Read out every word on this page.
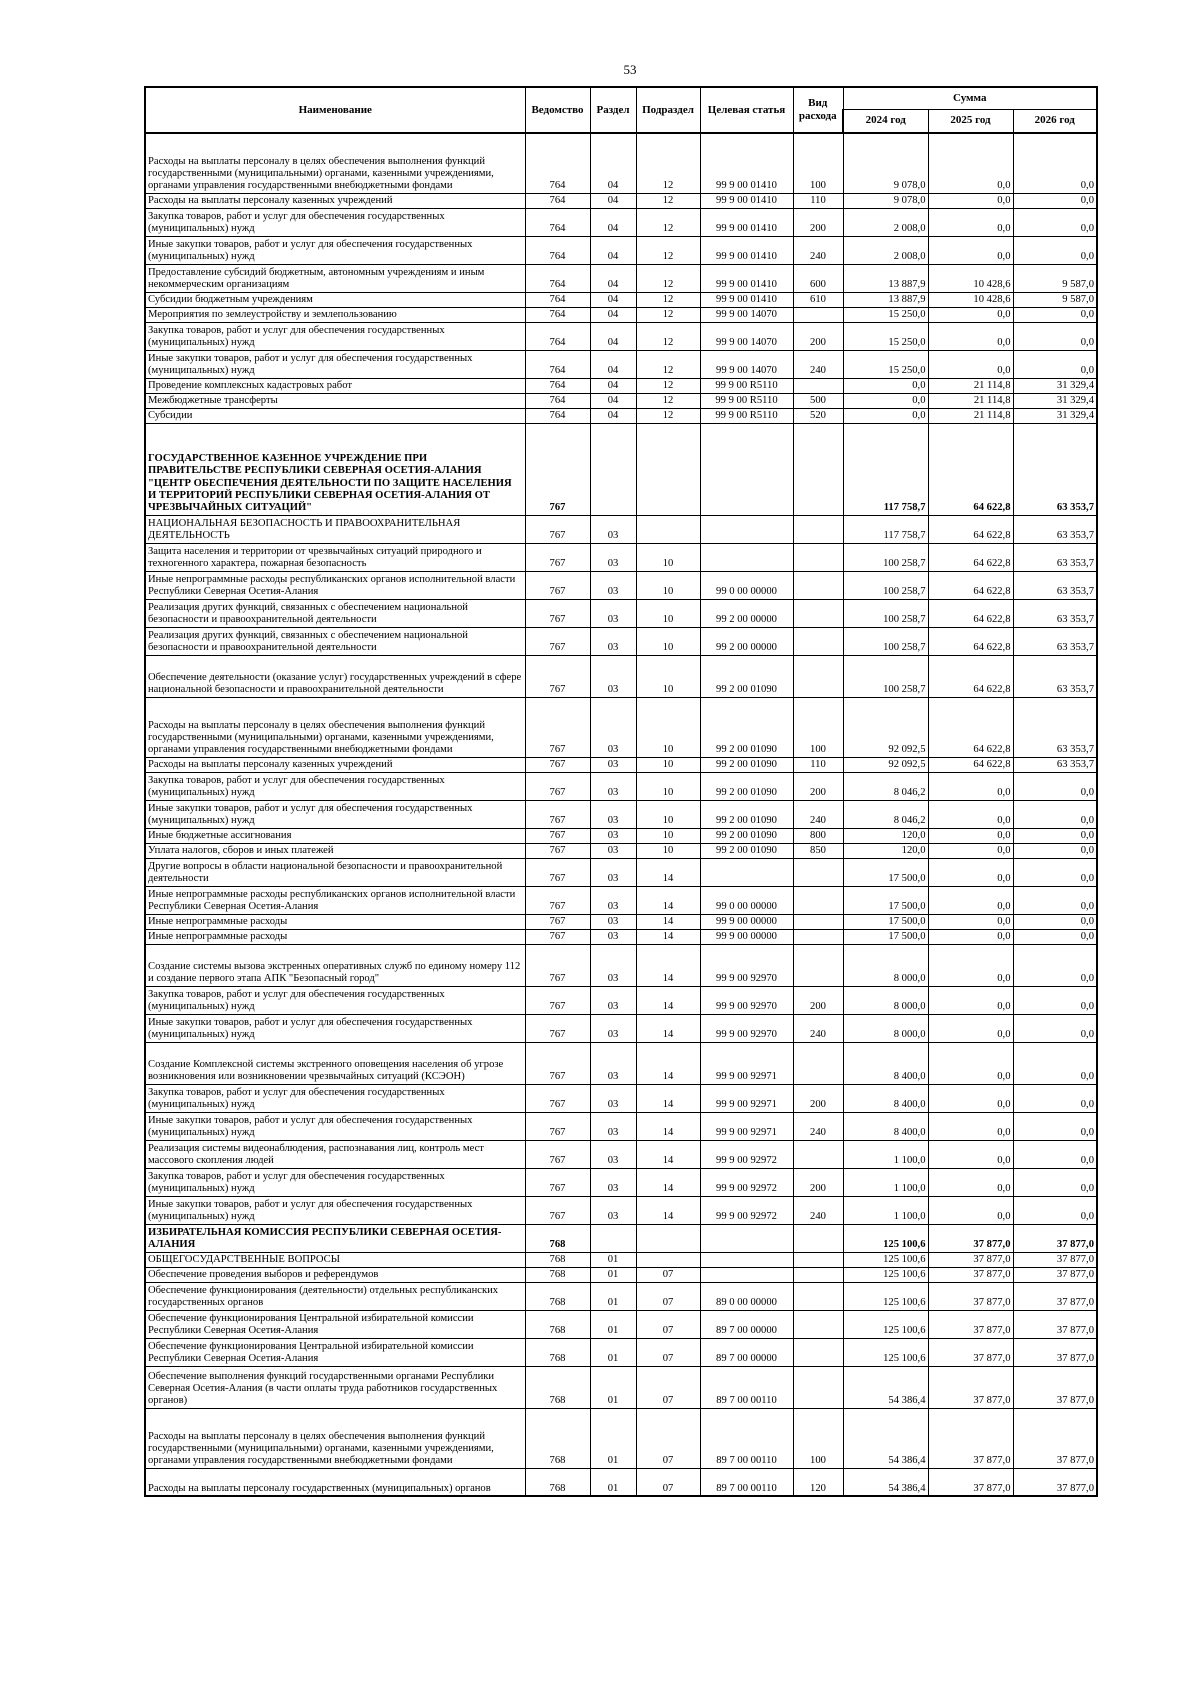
53
Наименование	Ведомство	Раздел	Подраздел	Целевая статья	Вид расхода	Сумма		
						2024 год	2025 год	2026 год
Расходы на выплаты персоналу в целях обеспечения выполнения функций государственными (муниципальными) органами, казенными учреждениями, органами управления государственными внебюджетными фондами	764	04	12	99 9 00 01410	100	9 078,0	0,0	0,0
Расходы на выплаты персоналу казенных учреждений	764	04	12	99 9 00 01410	110	9 078,0	0,0	0,0
Закупка товаров, работ и услуг для обеспечения государственных (муниципальных) нужд	764	04	12	99 9 00 01410	200	2 008,0	0,0	0,0
Иные закупки товаров, работ и услуг для обеспечения государственных (муниципальных) нужд	764	04	12	99 9 00 01410	240	2 008,0	0,0	0,0
Предоставление субсидий бюджетным, автономным учреждениям и иным некоммерческим организациям	764	04	12	99 9 00 01410	600	13 887,9	10 428,6	9 587,0
Субсидии бюджетным учреждениям	764	04	12	99 9 00 01410	610	13 887,9	10 428,6	9 587,0
Мероприятия по землеустройству и землепользованию	764	04	12	99 9 00 14070		15 250,0	0,0	0,0
Закупка товаров, работ и услуг для обеспечения государственных (муниципальных) нужд	764	04	12	99 9 00 14070	200	15 250,0	0,0	0,0
Иные закупки товаров, работ и услуг для обеспечения государственных (муниципальных) нужд	764	04	12	99 9 00 14070	240	15 250,0	0,0	0,0
Проведение комплексных кадастровых работ	764	04	12	99 9 00 R5110		0,0	21 114,8	31 329,4
Межбюджетные трансферты	764	04	12	99 9 00 R5110	500	0,0	21 114,8	31 329,4
Субсидии	764	04	12	99 9 00 R5110	520	0,0	21 114,8	31 329,4
ГОСУДАРСТВЕННОЕ КАЗЕННОЕ УЧРЕЖДЕНИЕ ПРИ ПРАВИТЕЛЬСТВЕ РЕСПУБЛИКИ СЕВЕРНАЯ ОСЕТИЯ-АЛАНИЯ "ЦЕНТР ОБЕСПЕЧЕНИЯ ДЕЯТЕЛЬНОСТИ ПО ЗАЩИТЕ НАСЕЛЕНИЯ И ТЕРРИТОРИЙ РЕСПУБЛИКИ СЕВЕРНАЯ ОСЕТИЯ-АЛАНИЯ ОТ ЧРЕЗВЫЧАЙНЫХ СИТУАЦИЙ"	767					117 758,7	64 622,8	63 353,7
НАЦИОНАЛЬНАЯ БЕЗОПАСНОСТЬ И ПРАВООХРАНИТЕЛЬНАЯ ДЕЯТЕЛЬНОСТЬ	767	03				117 758,7	64 622,8	63 353,7
Защита населения и территории от чрезвычайных ситуаций природного и техногенного характера, пожарная безопасность	767	03	10			100 258,7	64 622,8	63 353,7
Иные непрограммные расходы республиканских органов исполнительной власти Республики Северная Осетия-Алания	767	03	10	99 0 00 00000		100 258,7	64 622,8	63 353,7
Реализация других функций, связанных с обеспечением национальной безопасности и правоохранительной деятельности	767	03	10	99 2 00 00000		100 258,7	64 622,8	63 353,7
Реализация других функций, связанных с обеспечением национальной безопасности и правоохранительной деятельности	767	03	10	99 2 00 00000		100 258,7	64 622,8	63 353,7
Обеспечение деятельности (оказание услуг) государственных учреждений в сфере национальной безопасности и правоохранительной деятельности	767	03	10	99 2 00 01090		100 258,7	64 622,8	63 353,7
Расходы на выплаты персоналу в целях обеспечения выполнения функций государственными (муниципальными) органами, казенными учреждениями, органами управления государственными внебюджетными фондами	767	03	10	99 2 00 01090	100	92 092,5	64 622,8	63 353,7
Расходы на выплаты персоналу казенных учреждений	767	03	10	99 2 00 01090	110	92 092,5	64 622,8	63 353,7
Закупка товаров, работ и услуг для обеспечения государственных (муниципальных) нужд	767	03	10	99 2 00 01090	200	8 046,2	0,0	0,0
Иные закупки товаров, работ и услуг для обеспечения государственных (муниципальных) нужд	767	03	10	99 2 00 01090	240	8 046,2	0,0	0,0
Иные бюджетные ассигнования	767	03	10	99 2 00 01090	800	120,0	0,0	0,0
Уплата налогов, сборов и иных платежей	767	03	10	99 2 00 01090	850	120,0	0,0	0,0
Другие вопросы в области национальной безопасности и правоохранительной деятельности	767	03	14			17 500,0	0,0	0,0
Иные непрограммные расходы республиканских органов исполнительной власти Республики Северная Осетия-Алания	767	03	14	99 0 00 00000		17 500,0	0,0	0,0
Иные непрограммные расходы	767	03	14	99 9 00 00000		17 500,0	0,0	0,0
Иные непрограммные расходы	767	03	14	99 9 00 00000		17 500,0	0,0	0,0
Создание системы вызова экстренных оперативных служб по единому номеру 112 и создание первого этапа АПК "Безопасный город"	767	03	14	99 9 00 92970		8 000,0	0,0	0,0
Закупка товаров, работ и услуг для обеспечения государственных (муниципальных) нужд	767	03	14	99 9 00 92970	200	8 000,0	0,0	0,0
Иные закупки товаров, работ и услуг для обеспечения государственных (муниципальных) нужд	767	03	14	99 9 00 92970	240	8 000,0	0,0	0,0
Создание Комплексной системы экстренного оповещения населения об угрозе возникновения или возникновении чрезвычайных ситуаций (КСЭОН)	767	03	14	99 9 00 92971		8 400,0	0,0	0,0
Закупка товаров, работ и услуг для обеспечения государственных (муниципальных) нужд	767	03	14	99 9 00 92971	200	8 400,0	0,0	0,0
Иные закупки товаров, работ и услуг для обеспечения государственных (муниципальных) нужд	767	03	14	99 9 00 92971	240	8 400,0	0,0	0,0
Реализация системы видеонаблюдения, распознавания лиц, контроль мест массового скопления людей	767	03	14	99 9 00 92972		1 100,0	0,0	0,0
Закупка товаров, работ и услуг для обеспечения государственных (муниципальных) нужд	767	03	14	99 9 00 92972	200	1 100,0	0,0	0,0
Иные закупки товаров, работ и услуг для обеспечения государственных (муниципальных) нужд	767	03	14	99 9 00 92972	240	1 100,0	0,0	0,0
ИЗБИРАТЕЛЬНАЯ КОМИССИЯ РЕСПУБЛИКИ СЕВЕРНАЯ ОСЕТИЯ-АЛАНИЯ	768					125 100,6	37 877,0	37 877,0
ОБЩЕГОСУДАРСТВЕННЫЕ ВОПРОСЫ	768	01				125 100,6	37 877,0	37 877,0
Обеспечение проведения выборов и референдумов	768	01	07			125 100,6	37 877,0	37 877,0
Обеспечение функционирования (деятельности) отдельных республиканских государственных органов	768	01	07	89 0 00 00000		125 100,6	37 877,0	37 877,0
Обеспечение функционирования Центральной избирательной комиссии Республики Северная Осетия-Алания	768	01	07	89 7 00 00000		125 100,6	37 877,0	37 877,0
Обеспечение функционирования Центральной избирательной комиссии Республики Северная Осетия-Алания	768	01	07	89 7 00 00000		125 100,6	37 877,0	37 877,0
Обеспечение выполнения функций государственными органами Республики Северная Осетия-Алания (в части оплаты труда работников государственных органов)	768	01	07	89 7 00 00110		54 386,4	37 877,0	37 877,0
Расходы на выплаты персоналу в целях обеспечения выполнения функций государственными (муниципальными) органами, казенными учреждениями, органами управления государственными внебюджетными фондами	768	01	07	89 7 00 00110	100	54 386,4	37 877,0	37 877,0
Расходы на выплаты персоналу государственных (муниципальных) органов	768	01	07	89 7 00 00110	120	54 386,4	37 877,0	37 877,0
